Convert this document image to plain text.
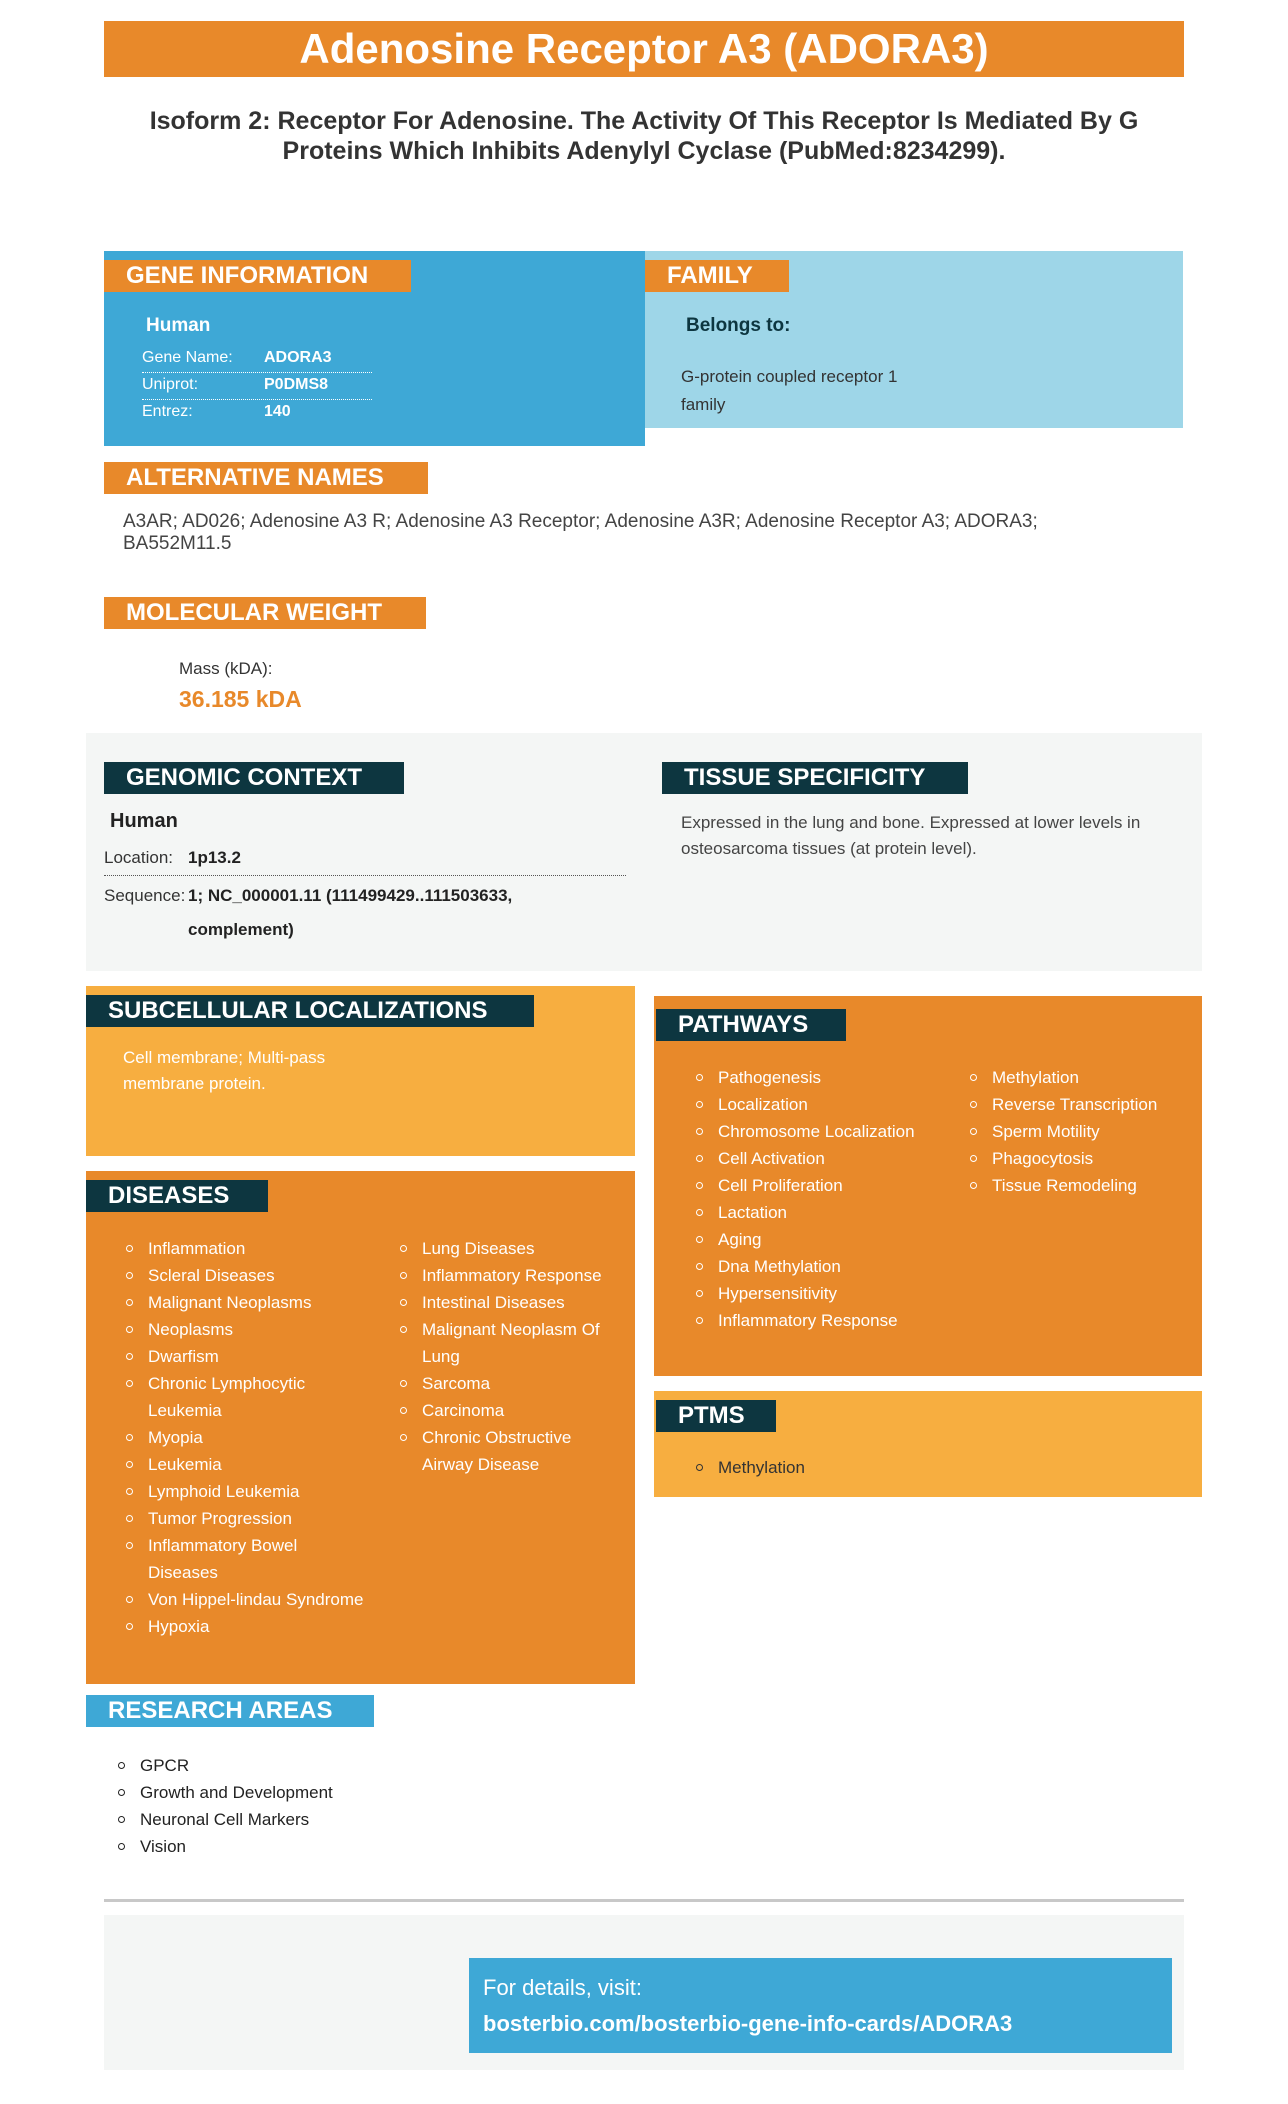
Adenosine Receptor A3 (ADORA3)
Isoform 2: Receptor For Adenosine. The Activity Of This Receptor Is Mediated By G Proteins Which Inhibits Adenylyl Cyclase (PubMed:8234299).
GENE INFORMATION
Human
Gene Name: ADORA3
Uniprot:	P0DMS8
Entrez:	140
FAMILY
Belongs to:
G-protein coupled receptor 1 family
ALTERNATIVE NAMES
A3AR; AD026; Adenosine A3 R; Adenosine A3 Receptor; Adenosine A3R; Adenosine Receptor A3; ADORA3; BA552M11.5
MOLECULAR WEIGHT
Mass (kDA):
36.185 kDA
GENOMIC CONTEXT
Human
Location: 1p13.2
Sequence: 1; NC_000001.11 (111499429..111503633, complement)
TISSUE SPECIFICITY
Expressed in the lung and bone. Expressed at lower levels in osteosarcoma tissues (at protein level).
SUBCELLULAR LOCALIZATIONS
Cell membrane; Multi-pass membrane protein.
DISEASES
Inflammation
Scleral Diseases
Malignant Neoplasms
Neoplasms
Dwarfism
Chronic Lymphocytic Leukemia
Myopia
Leukemia
Lymphoid Leukemia
Tumor Progression
Inflammatory Bowel Diseases
Von Hippel-lindau Syndrome
Hypoxia
Lung Diseases
Inflammatory Response
Intestinal Diseases
Malignant Neoplasm Of Lung
Sarcoma
Carcinoma
Chronic Obstructive Airway Disease
PATHWAYS
Pathogenesis
Localization
Chromosome Localization
Cell Activation
Cell Proliferation
Lactation
Aging
Dna Methylation
Hypersensitivity
Inflammatory Response
Methylation
Reverse Transcription
Sperm Motility
Phagocytosis
Tissue Remodeling
PTMS
Methylation
RESEARCH AREAS
GPCR
Growth and Development
Neuronal Cell Markers
Vision
For details, visit:
bosterbio.com/bosterbio-gene-info-cards/ADORA3
